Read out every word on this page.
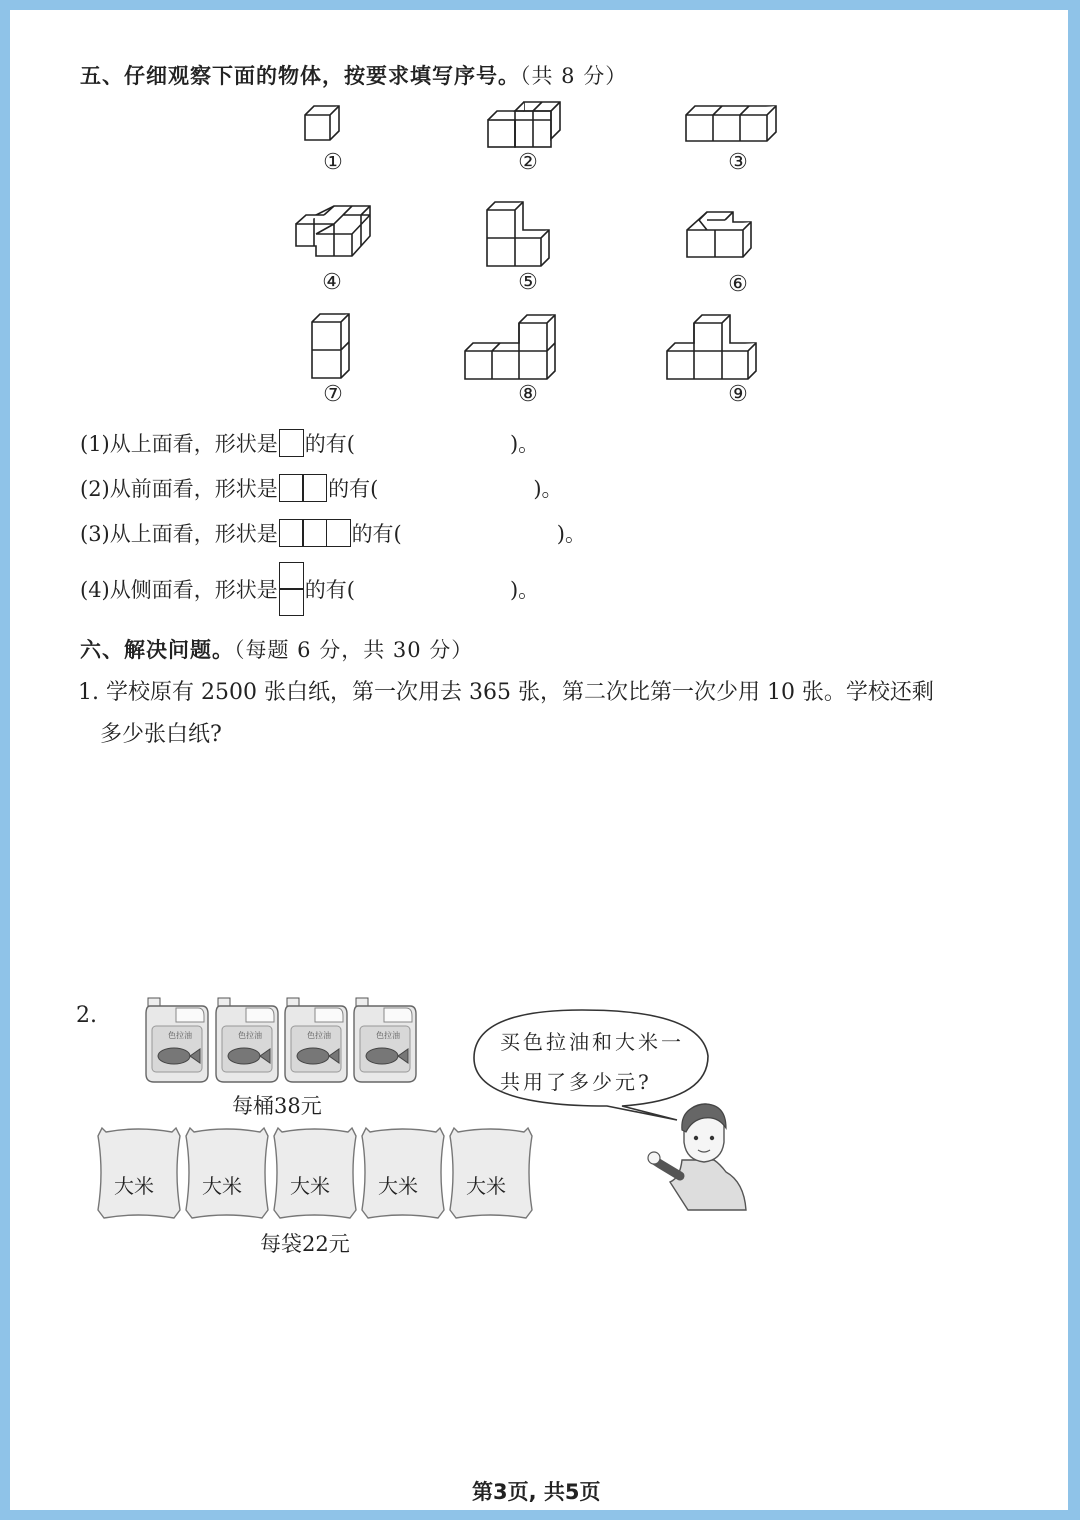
五、仔细观察下面的物体，按要求填写序号。（共 8 分）
①	②	③
④	⑤	⑥
⑦	⑧	⑨
(1)从上面看，形状是 的有(	)。
(2)从前面看，形状是 的有(	)。
(3)从上面看，形状是	的有(	)。
(4)从侧面看，形状是 的有(	)。
六、解决问题。（每题 6 分，共 30 分）
1. 学校原有 2500 张白纸，第一次用去 365 张，第二次比第一次少用 10 张。学校还剩
多少张白纸?
2.
色拉油	色拉油	色拉油	色拉油
每桶38元
大米 大米 大米 大米 大米
每袋22元
买色拉油和大米一
共用了多少元?
第3页, 共5页
